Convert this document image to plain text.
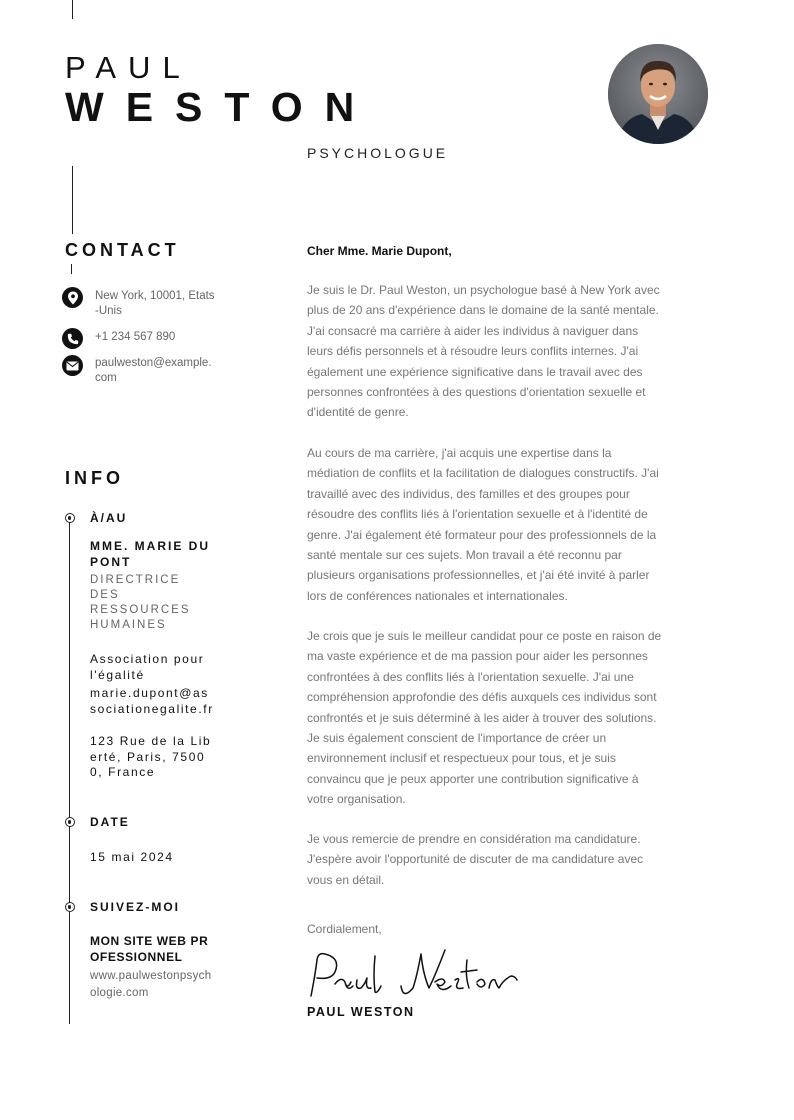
PAUL
WESTON
PSYCHOLOGUE
CONTACT
New York, 10001, Etats-Unis
+1 234 567 890
paulweston@example.com
INFO
À/AU
MME. MARIE DUPONT
DIRECTRICE DES RESSOURCES HUMAINES
Association pour l'égalité
marie.dupont@associationegalite.fr
123 Rue de la Liberté, Paris, 75000, France
DATE
15 mai 2024
SUIVEZ-MOI
MON SITE WEB PROFESSIONNEL
www.paulwestonpsychologie.com
Cher Mme. Marie Dupont,
Je suis le Dr. Paul Weston, un psychologue basé à New York avec plus de 20 ans d'expérience dans le domaine de la santé mentale. J'ai consacré ma carrière à aider les individus à naviguer dans leurs défis personnels et à résoudre leurs conflits internes. J'ai également une expérience significative dans le travail avec des personnes confrontées à des questions d'orientation sexuelle et d'identité de genre.
Au cours de ma carrière, j'ai acquis une expertise dans la médiation de conflits et la facilitation de dialogues constructifs. J'ai travaillé avec des individus, des familles et des groupes pour résoudre des conflits liés à l'orientation sexuelle et à l'identité de genre. J'ai également été formateur pour des professionnels de la santé mentale sur ces sujets. Mon travail a été reconnu par plusieurs organisations professionnelles, et j'ai été invité à parler lors de conférences nationales et internationales.
Je crois que je suis le meilleur candidat pour ce poste en raison de ma vaste expérience et de ma passion pour aider les personnes confrontées à des conflits liés à l'orientation sexuelle. J'ai une compréhension approfondie des défis auxquels ces individus sont confrontés et je suis déterminé à les aider à trouver des solutions. Je suis également conscient de l'importance de créer un environnement inclusif et respectueux pour tous, et je suis convaincu que je peux apporter une contribution significative à votre organisation.
Je vous remercie de prendre en considération ma candidature. J'espère avoir l'opportunité de discuter de ma candidature avec vous en détail.
Cordialement,
PAUL WESTON
